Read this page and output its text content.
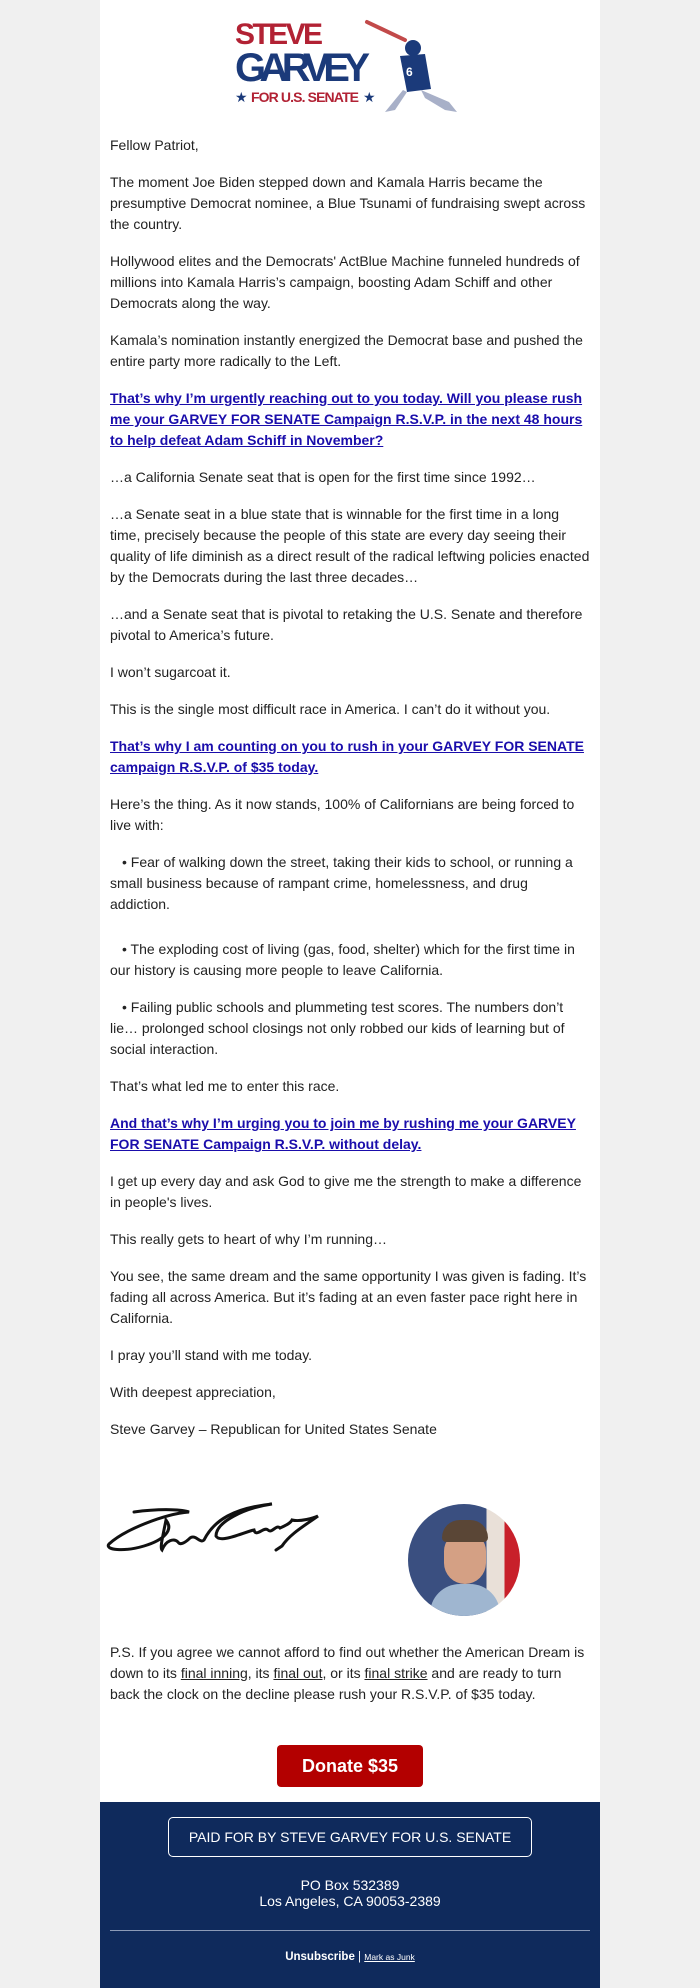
STEVE
GARVEY
★ FOR U.S. SENATE ★
6

Fellow Patriot,

The moment Joe Biden stepped down and Kamala Harris became the presumptive Democrat nominee, a Blue Tsunami of fundraising swept across the country.

Hollywood elites and the Democrats' ActBlue Machine funneled hundreds of millions into Kamala Harris’s campaign, boosting Adam Schiff and other Democrats along the way.

Kamala’s nomination instantly energized the Democrat base and pushed the entire party more radically to the Left.

That’s why I’m urgently reaching out to you today. Will you please rush me your GARVEY FOR SENATE Campaign R.S.V.P. in the next 48 hours to help defeat Adam Schiff in November?

…a California Senate seat that is open for the first time since 1992…

…a Senate seat in a blue state that is winnable for the first time in a long time, precisely because the people of this state are every day seeing their quality of life diminish as a direct result of the radical leftwing policies enacted by the Democrats during the last three decades…

…and a Senate seat that is pivotal to retaking the U.S. Senate and therefore pivotal to America’s future.

I won’t sugarcoat it.

This is the single most difficult race in America. I can’t do it without you.

That’s why I am counting on you to rush in your GARVEY FOR SENATE campaign R.S.V.P. of $35 today.

Here’s the thing. As it now stands, 100% of Californians are being forced to live with:

• Fear of walking down the street, taking their kids to school, or running a small business because of rampant crime, homelessness, and drug addiction.

• The exploding cost of living (gas, food, shelter) which for the first time in our history is causing more people to leave California.

• Failing public schools and plummeting test scores. The numbers don’t lie… prolonged school closings not only robbed our kids of learning but of social interaction.

That’s what led me to enter this race.

And that’s why I’m urging you to join me by rushing me your GARVEY FOR SENATE Campaign R.S.V.P. without delay.

I get up every day and ask God to give me the strength to make a difference in people's lives.

This really gets to heart of why I’m running…

You see, the same dream and the same opportunity I was given is fading. It’s fading all across America. But it’s fading at an even faster pace right here in California.

I pray you’ll stand with me today.

With deepest appreciation,

Steve Garvey – Republican for United States Senate

P.S. If you agree we cannot afford to find out whether the American Dream is down to its final inning, its final out, or its final strike and are ready to turn back the clock on the decline please rush your R.S.V.P. of $35 today.

Donate $35
PAID FOR BY STEVE GARVEY FOR U.S. SENATE
PO Box 532389
Los Angeles, CA 90053-2389
Unsubscribe | Mark as Junk
